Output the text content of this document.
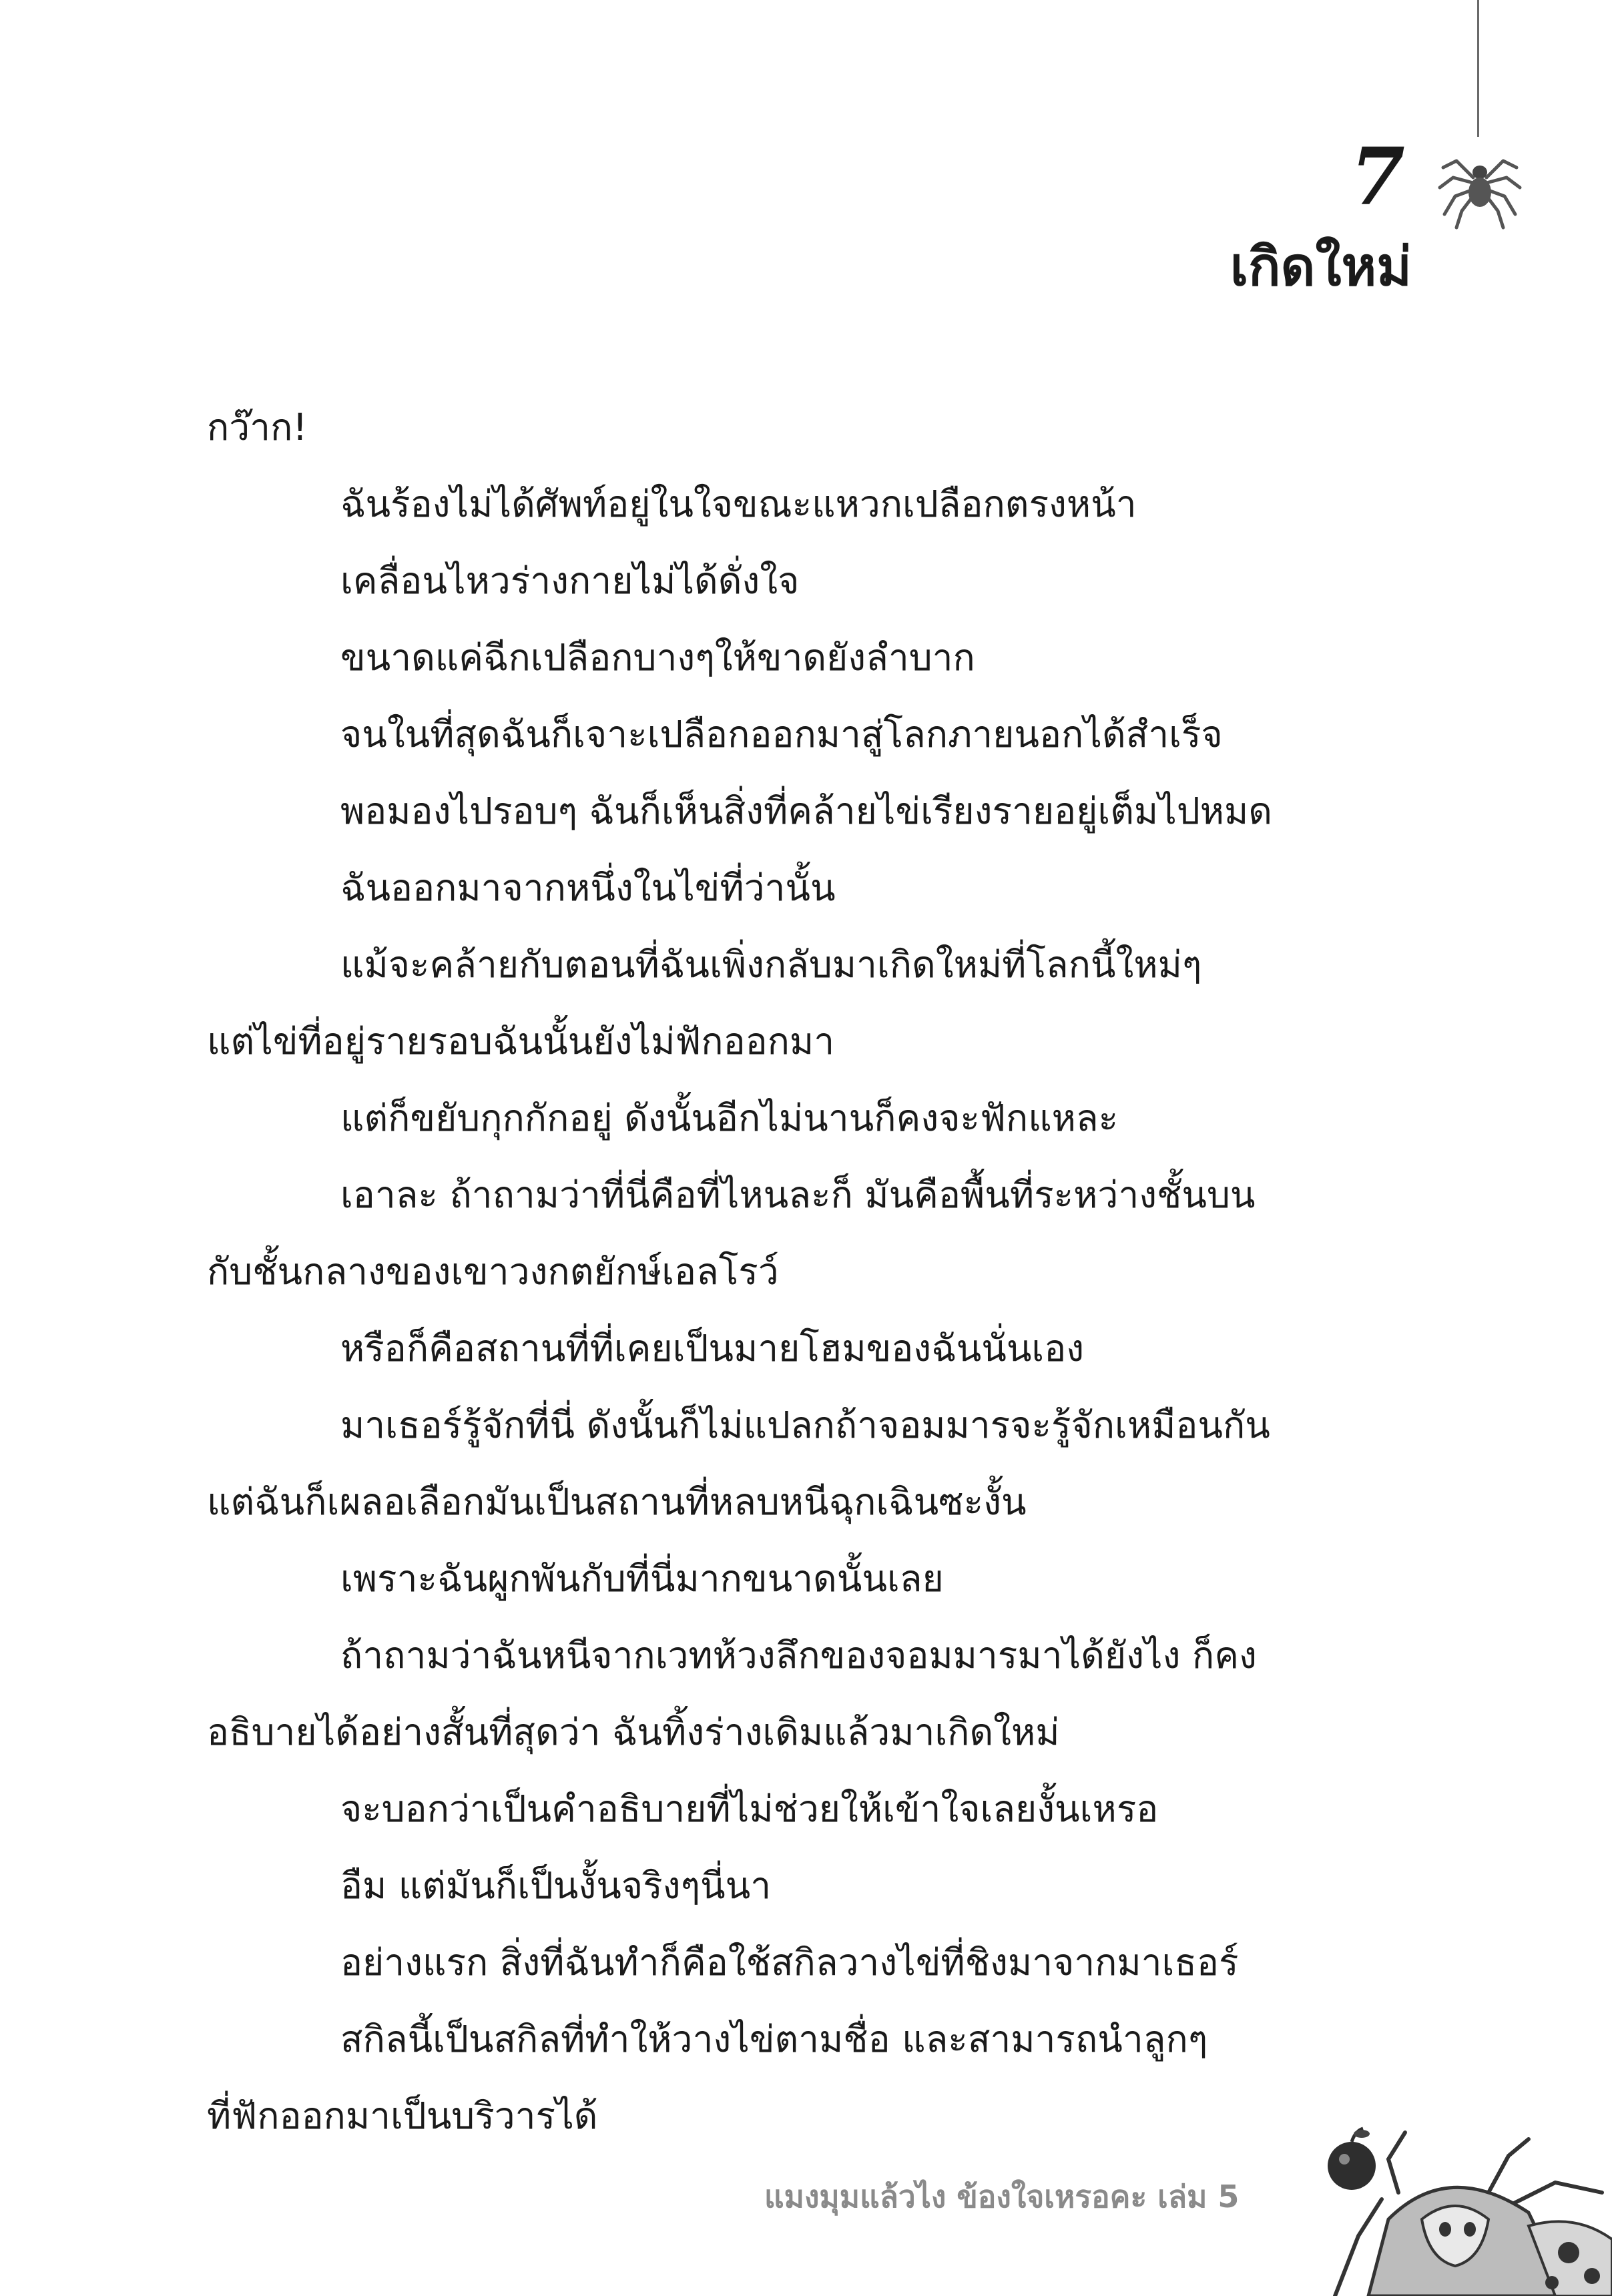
7
เกิดใหม่
กว๊าก!
ฉันร้องไม่ได้ศัพท์อยู่ในใจขณะแหวกเปลือกตรงหน้า
เคลื่อนไหวร่างกายไม่ได้ดั่งใจ
ขนาดแค่ฉีกเปลือกบางๆให้ขาดยังลำบาก
จนในที่สุดฉันก็เจาะเปลือกออกมาสู่โลกภายนอกได้สำเร็จ
พอมองไปรอบๆ ฉันก็เห็นสิ่งที่คล้ายไข่เรียงรายอยู่เต็มไปหมด
ฉันออกมาจากหนึ่งในไข่ที่ว่านั้น
แม้จะคล้ายกับตอนที่ฉันเพิ่งกลับมาเกิดใหม่ที่โลกนี้ใหม่ๆ
แต่ไข่ที่อยู่รายรอบฉันนั้นยังไม่ฟักออกมา
แต่ก็ขยับกุกกักอยู่ ดังนั้นอีกไม่นานก็คงจะฟักแหละ
เอาละ ถ้าถามว่าที่นี่คือที่ไหนละก็ มันคือพื้นที่ระหว่างชั้นบน
กับชั้นกลางของเขาวงกตยักษ์เอลโรว์
หรือก็คือสถานที่ที่เคยเป็นมายโฮมของฉันนั่นเอง
มาเธอร์รู้จักที่นี่ ดังนั้นก็ไม่แปลกถ้าจอมมารจะรู้จักเหมือนกัน
แต่ฉันก็เผลอเลือกมันเป็นสถานที่หลบหนีฉุกเฉินซะงั้น
เพราะฉันผูกพันกับที่นี่มากขนาดนั้นเลย
ถ้าถามว่าฉันหนีจากเวทห้วงลึกของจอมมารมาได้ยังไง ก็คง
อธิบายได้อย่างสั้นที่สุดว่า ฉันทิ้งร่างเดิมแล้วมาเกิดใหม่
จะบอกว่าเป็นคำอธิบายที่ไม่ช่วยให้เข้าใจเลยงั้นเหรอ
อืม แต่มันก็เป็นงั้นจริงๆนี่นา
อย่างแรก สิ่งที่ฉันทำก็คือใช้สกิลวางไข่ที่ชิงมาจากมาเธอร์
สกิลนี้เป็นสกิลที่ทำให้วางไข่ตามชื่อ และสามารถนำลูกๆ
ที่ฟักออกมาเป็นบริวารได้
แมงมุมแล้วไง ข้องใจเหรอคะ เล่ม 5
